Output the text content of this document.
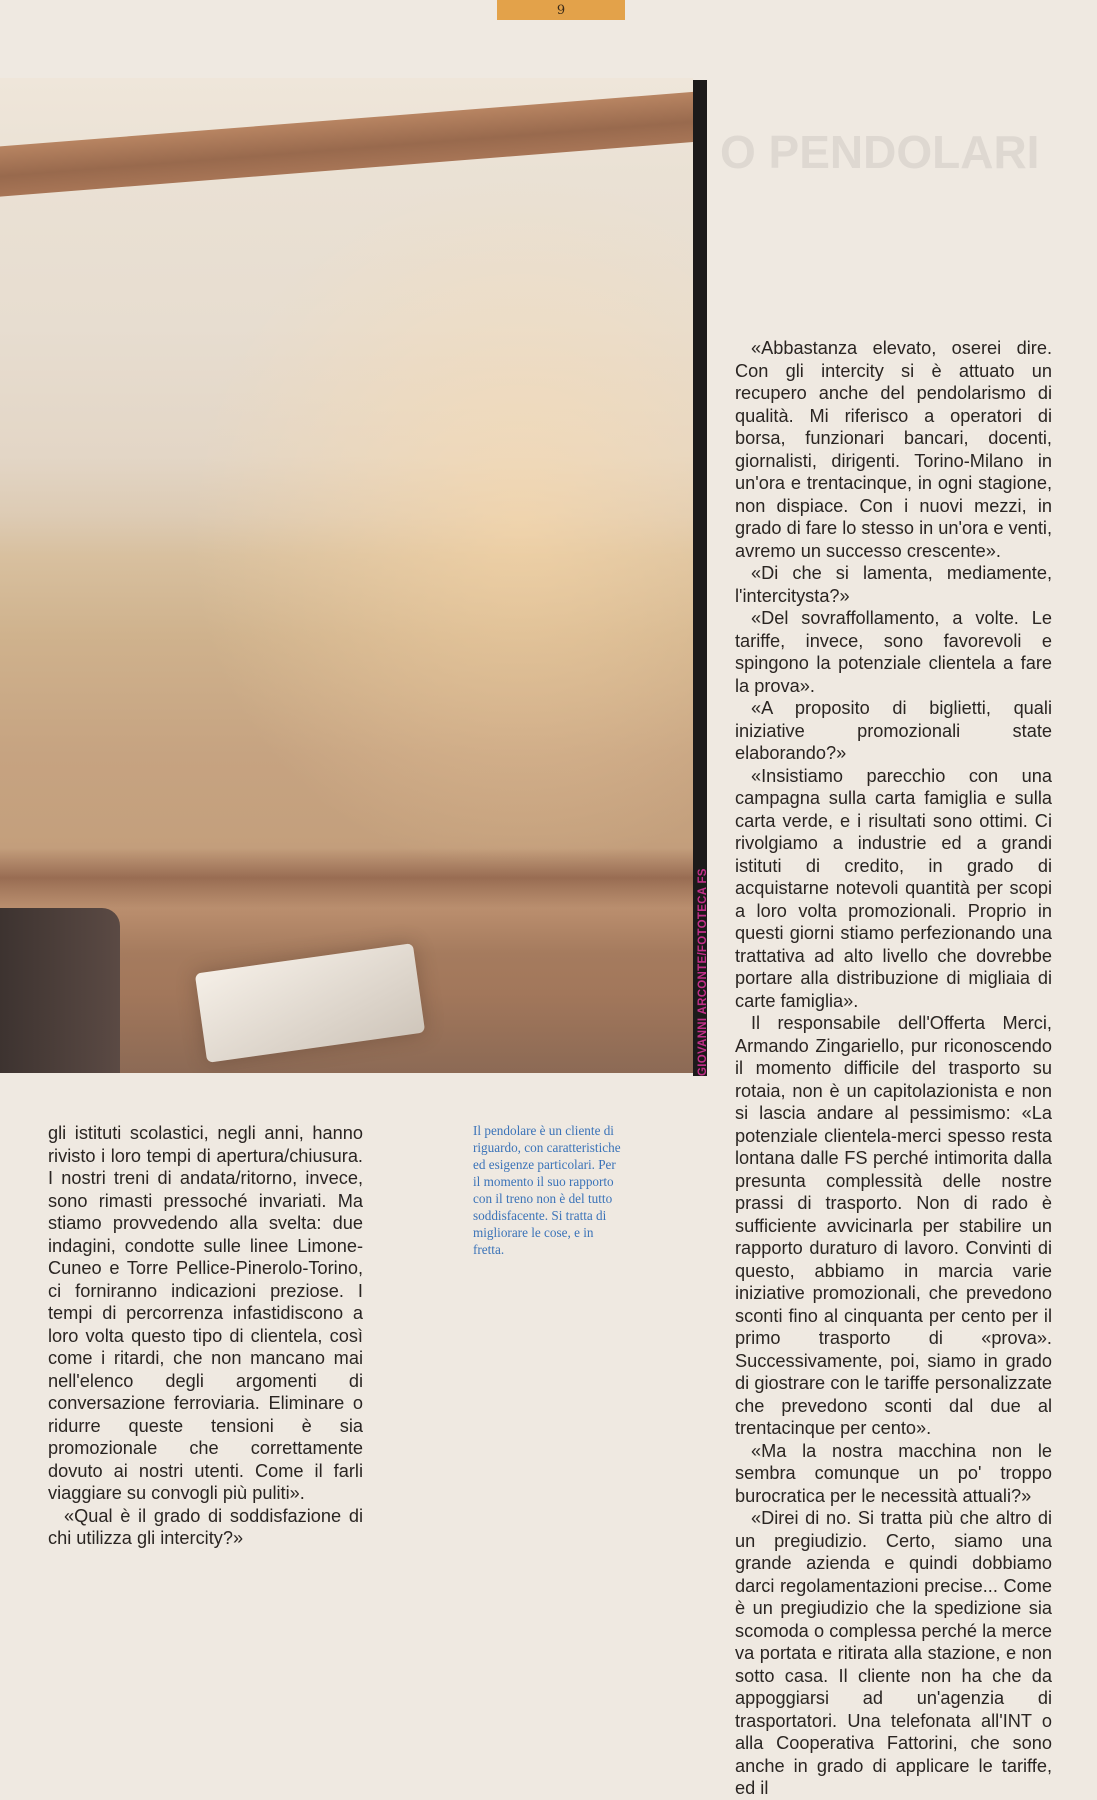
9
GIOVANNI ARCONTE/FOTOTECA FS
O PENDOLARI

gli istituti scolastici, negli anni, hanno rivisto i loro tempi di apertura/chiusura. I nostri treni di andata/ritorno, invece, sono rimasti pressoché invariati. Ma stiamo provvedendo alla svelta: due indagini, condotte sulle linee Limone-Cuneo e Torre Pellice-Pinerolo-Torino, ci forniranno indicazioni preziose. I tempi di percorrenza infastidiscono a loro volta questo tipo di clientela, così come i ritardi, che non mancano mai nell'elenco degli argomenti di conversazione ferroviaria. Eliminare o ridurre queste tensioni è sia promozionale che correttamente dovuto ai nostri utenti. Come il farli viaggiare su convogli più puliti».

«Qual è il grado di soddisfazione di chi utilizza gli intercity?»

Il pendolare è un cliente di riguardo, con caratteristiche ed esigenze particolari. Per il momento il suo rapporto con il treno non è del tutto soddisfacente. Si tratta di migliorare le cose, e in fretta.

«Abbastanza elevato, oserei dire. Con gli intercity si è attuato un recupero anche del pendolarismo di qualità. Mi riferisco a operatori di borsa, funzionari bancari, docenti, giornalisti, dirigenti. Torino-Milano in un'ora e trentacinque, in ogni stagione, non dispiace. Con i nuovi mezzi, in grado di fare lo stesso in un'ora e venti, avremo un successo crescente».

«Di che si lamenta, mediamente, l'intercitysta?»

«Del sovraffollamento, a volte. Le tariffe, invece, sono favorevoli e spingono la potenziale clientela a fare la prova».

«A proposito di biglietti, quali iniziative promozionali state elaborando?»

«Insistiamo parecchio con una campagna sulla carta famiglia e sulla carta verde, e i risultati sono ottimi. Ci rivolgiamo a industrie ed a grandi istituti di credito, in grado di acquistarne notevoli quantità per scopi a loro volta promozionali. Proprio in questi giorni stiamo perfezionando una trattativa ad alto livello che dovrebbe portare alla distribuzione di migliaia di carte famiglia».

Il responsabile dell'Offerta Merci, Armando Zingariello, pur riconoscendo il momento difficile del trasporto su rotaia, non è un capitolazionista e non si lascia andare al pessimismo: «La potenziale clientela-merci spesso resta lontana dalle FS perché intimorita dalla presunta complessità delle nostre prassi di trasporto. Non di rado è sufficiente avvicinarla per stabilire un rapporto duraturo di lavoro. Convinti di questo, abbiamo in marcia varie iniziative promozionali, che prevedono sconti fino al cinquanta per cento per il primo trasporto di «prova». Successivamente, poi, siamo in grado di giostrare con le tariffe personalizzate che prevedono sconti dal due al trentacinque per cento».

«Ma la nostra macchina non le sembra comunque un po' troppo burocratica per le necessità attuali?»

«Direi di no. Si tratta più che altro di un pregiudizio. Certo, siamo una grande azienda e quindi dobbiamo darci regolamentazioni precise... Come è un pregiudizio che la spedizione sia scomoda o complessa perché la merce va portata e ritirata alla stazione, e non sotto casa. Il cliente non ha che da appoggiarsi ad un'agenzia di trasportatori. Una telefonata all'INT o alla Cooperativa Fattorini, che sono anche in grado di applicare le tariffe, ed il
